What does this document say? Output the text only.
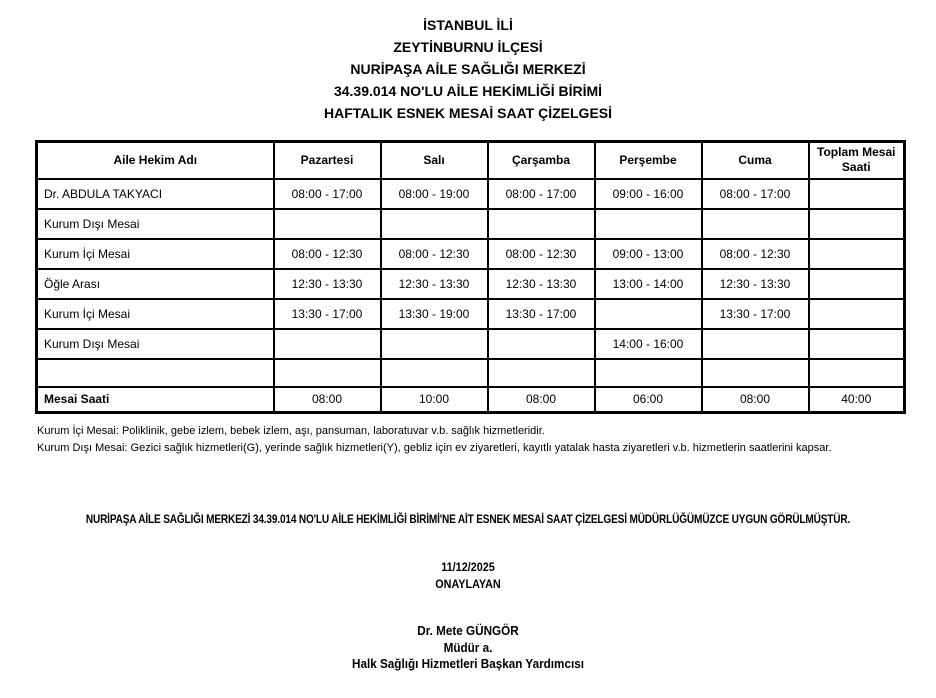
İSTANBUL İLİ
ZEYTİNBURNU İLÇESİ
NURİPAŞA AİLE SAĞLIĞI MERKEZİ
34.39.014 NO'LU AİLE HEKİMLİĞİ BİRİMİ
HAFTALIK ESNEK MESAİ SAAT ÇİZELGESİ
Aile Hekim Adı	Pazartesi	Salı	Çarşamba	Perşembe	Cuma	Toplam Mesai Saati
Dr. ABDULA TAKYACI	08:00 - 17:00	08:00 - 19:00	08:00 - 17:00	09:00 - 16:00	08:00 - 17:00	
Kurum Dışı Mesai						
Kurum İçi Mesai	08:00 - 12:30	08:00 - 12:30	08:00 - 12:30	09:00 - 13:00	08:00 - 12:30	
Öğle Arası	12:30 - 13:30	12:30 - 13:30	12:30 - 13:30	13:00 - 14:00	12:30 - 13:30	
Kurum İçi Mesai	13:30 - 17:00	13:30 - 19:00	13:30 - 17:00		13:30 - 17:00	
Kurum Dışı Mesai				14:00 - 16:00		

Mesai Saati	08:00	10:00	08:00	06:00	08:00	40:00
Kurum İçi Mesai: Poliklinik, gebe izlem, bebek izlem, aşı, pansuman, laboratuvar v.b. sağlık hizmetleridir.
Kurum Dışı Mesai: Gezici sağlık hizmetleri(G), yerinde sağlık hizmetleri(Y), gebliz için ev ziyaretleri, kayıtlı yatalak hasta ziyaretleri v.b. hizmetlerin saatlerini kapsar.
NURİPAŞA AİLE SAĞLIĞI MERKEZİ 34.39.014 NO'LU AİLE HEKİMLİĞİ BİRİMİ'NE AİT ESNEK MESAİ SAAT ÇİZELGESİ MÜDÜRLÜĞÜMÜZCE UYGUN GÖRÜLMÜŞTÜR.
11/12/2025
ONAYLAYAN
Dr. Mete GÜNGÖR
Müdür a.
Halk Sağlığı Hizmetleri Başkan Yardımcısı
